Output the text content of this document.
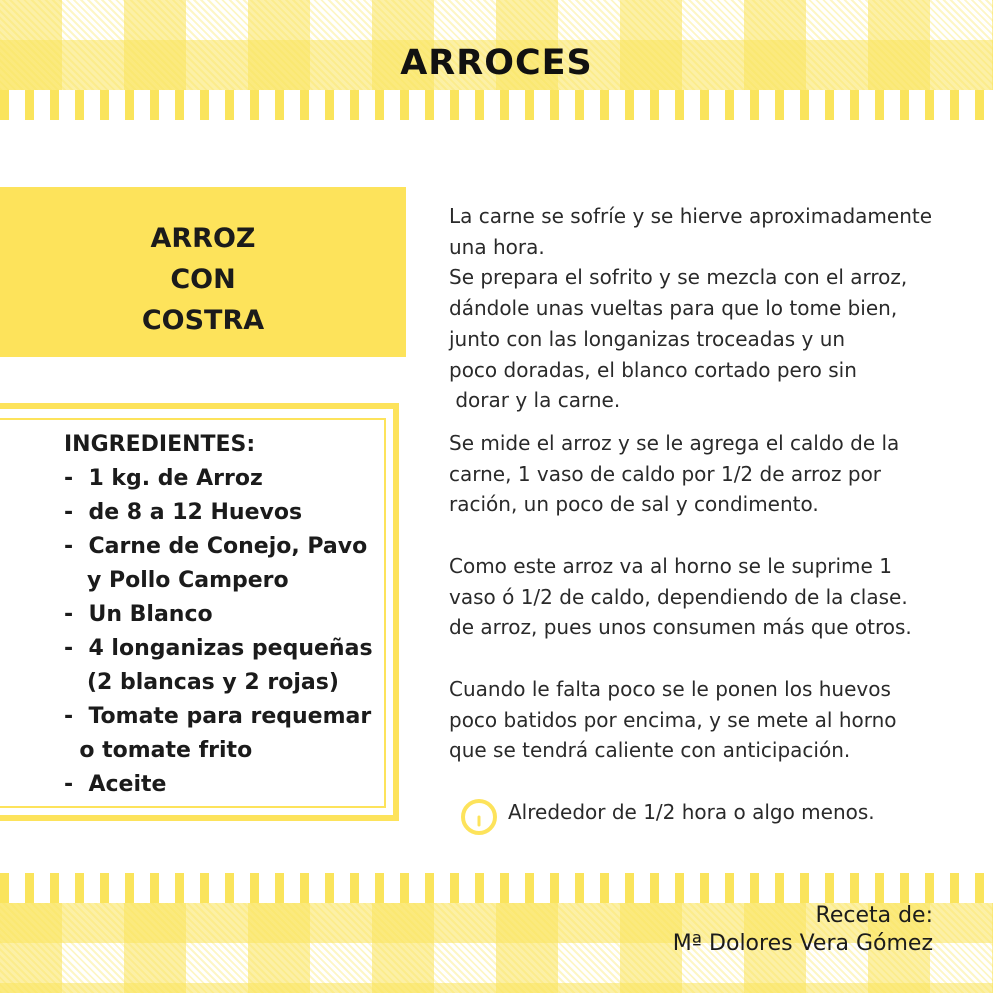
ARROCES
ARROZ
CON
COSTRA
INGREDIENTES:
-  1 kg. de Arroz
-  de 8 a 12 Huevos
-  Carne de Conejo, Pavo
y Pollo Campero
-  Un Blanco
-  4 longanizas pequeñas
(2 blancas y 2 rojas)
-  Tomate para requemar
o tomate frito
-  Aceite
La carne se sofríe y se hierve aproximadamente
una hora.
Se prepara el sofrito y se mezcla con el arroz,
dándole unas vueltas para que lo tome bien,
junto con las longanizas troceadas y un
poco doradas, el blanco cortado pero sin
dorar y la carne.
Se mide el arroz y se le agrega el caldo de la
carne, 1 vaso de caldo por 1/2 de arroz por
ración, un poco de sal y condimento.
Como este arroz va al horno se le suprime 1
vaso ó 1/2 de caldo, dependiendo de la clase.
de arroz, pues unos consumen más que otros.
Cuando le falta poco se le ponen los huevos
poco batidos por encima, y se mete al horno
que se tendrá caliente con anticipación.
Alrededor de 1/2 hora o algo menos.
Receta de:
Mª Dolores Vera Gómez
